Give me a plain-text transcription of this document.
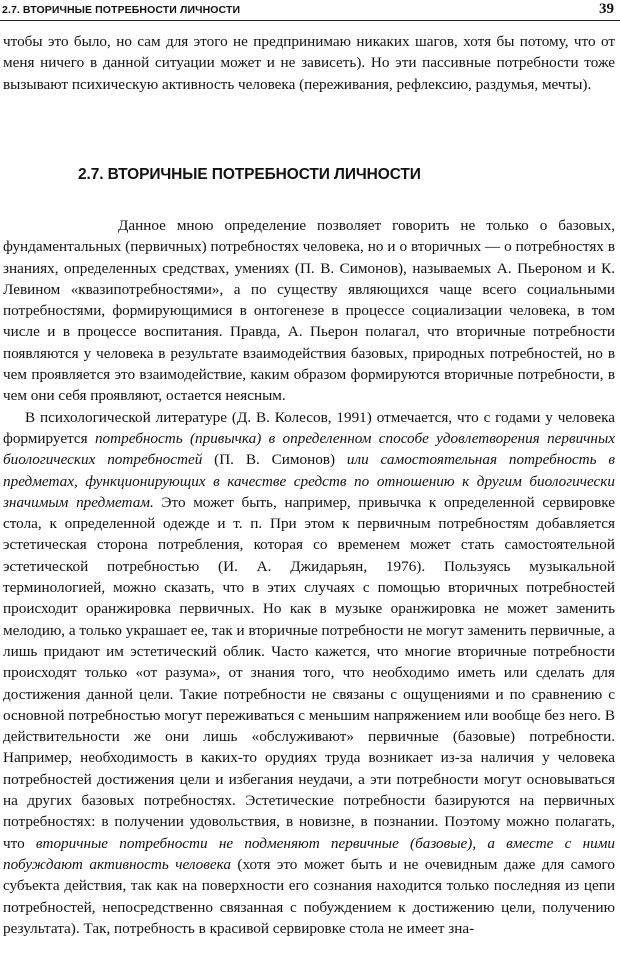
2.7. ВТОРИЧНЫЕ ПОТРЕБНОСТИ ЛИЧНОСТИ	39

чтобы это было, но сам для этого не предпринимаю никаких шагов, хотя бы потому, что от меня ничего в данной ситуации может и не зависеть). Но эти пассивные потребности тоже вызывают психическую активность человека (переживания, рефлексию, раздумья, мечты).

2.7. ВТОРИЧНЫЕ ПОТРЕБНОСТИ ЛИЧНОСТИ

Данное мною определение позволяет говорить не только о базовых, фундаментальных (первичных) потребностях человека, но и о вторичных — о потребностях в знаниях, определенных средствах, умениях (П. В. Симонов), называемых А. Пьероном и К. Левином «квазипотребностями», а по существу являющихся чаще всего социальными потребностями, формирующимися в онтогенезе в процессе социализации человека, в том числе и в процессе воспитания. Правда, А. Пьерон полагал, что вторичные потребности появляются у человека в результате взаимодействия базовых, природных потребностей, но в чем проявляется это взаимодействие, каким образом формируются вторичные потребности, в чем они себя проявляют, остается неясным.

В психологической литературе (Д. В. Колесов, 1991) отмечается, что с годами у человека формируется потребность (привычка) в определенном способе удовлетворения первичных биологических потребностей (П. В. Симонов) или самостоятельная потребность в предметах, функционирующих в качестве средств по отношению к другим биологически значимым предметам. Это может быть, например, привычка к определенной сервировке стола, к определенной одежде и т. п. При этом к первичным потребностям добавляется эстетическая сторона потребления, которая со временем может стать самостоятельной эстетической потребностью (И. А. Джидарьян, 1976). Пользуясь музыкальной терминологией, можно сказать, что в этих случаях с помощью вторичных потребностей происходит оранжировка первичных. Но как в музыке оранжировка не может заменить мелодию, а только украшает ее, так и вторичные потребности не могут заменить первичные, а лишь придают им эстетический облик. Часто кажется, что многие вторичные потребности происходят только «от разума», от знания того, что необходимо иметь или сделать для достижения данной цели. Такие потребности не связаны с ощущениями и по сравнению с основной потребностью могут переживаться с меньшим напряжением или вообще без него. В действительности же они лишь «обслуживают» первичные (базовые) потребности. Например, необходимость в каких-то орудиях труда возникает из-за наличия у человека потребностей достижения цели и избегания неудачи, а эти потребности могут основываться на других базовых потребностях. Эстетические потребности базируются на первичных потребностях: в получении удовольствия, в новизне, в познании. Поэтому можно полагать, что вторичные потребности не подменяют первичные (базовые), а вместе с ними побуждают активность человека (хотя это может быть и не очевидным даже для самого субъекта действия, так как на поверхности его сознания находится только последняя из цепи потребностей, непосредственно связанная с побуждением к достижению цели, получению результата). Так, потребность в красивой сервировке стола не имеет зна-
